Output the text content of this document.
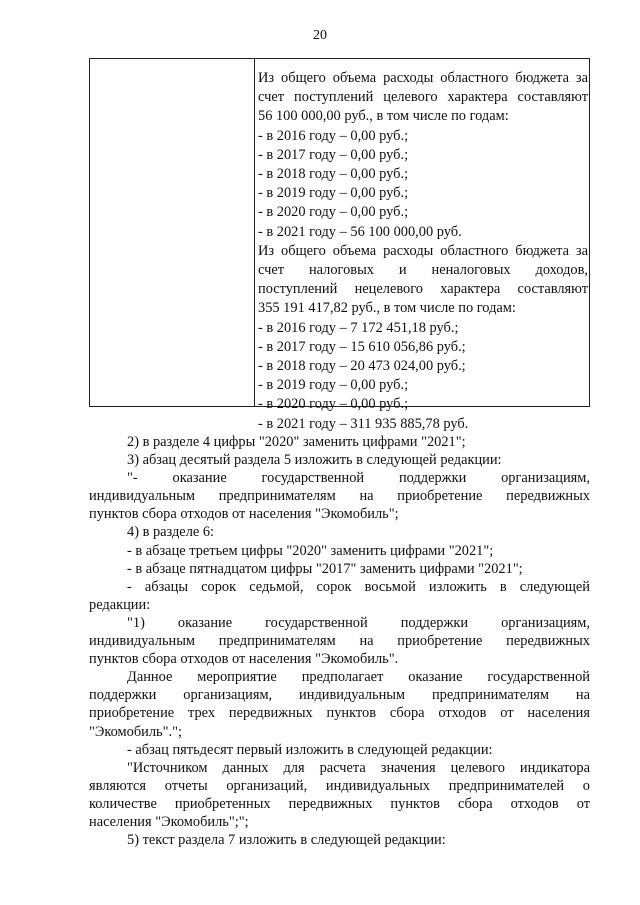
20
Из общего объема расходы областного бюджета за
счет поступлений целевого характера составляют
56 100 000,00 руб., в том числе по годам:
- в 2016 году – 0,00 руб.;
- в 2017 году – 0,00 руб.;
- в 2018 году – 0,00 руб.;
- в 2019 году – 0,00 руб.;
- в 2020 году – 0,00 руб.;
- в 2021 году – 56 100 000,00 руб.
Из общего объема расходы областного бюджета за
счет налоговых и неналоговых доходов,
поступлений нецелевого характера составляют
355 191 417,82 руб., в том числе по годам:
- в 2016 году – 7 172 451,18 руб.;
- в 2017 году – 15 610 056,86 руб.;
- в 2018 году – 20 473 024,00 руб.;
- в 2019 году – 0,00 руб.;
- в 2020 году – 0,00 руб.;
- в 2021 году – 311 935 885,78 руб.
2) в разделе 4 цифры "2020" заменить цифрами "2021";
3) абзац десятый раздела 5 изложить в следующей редакции:
"- оказание государственной поддержки организациям,
индивидуальным предпринимателям на приобретение передвижных
пунктов сбора отходов от населения "Экомобиль";
4) в разделе 6:
- в абзаце третьем цифры "2020" заменить цифрами "2021";
- в абзаце пятнадцатом цифры "2017" заменить цифрами "2021";
- абзацы сорок седьмой, сорок восьмой изложить в следующей
редакции:
"1) оказание государственной поддержки организациям,
индивидуальным предпринимателям на приобретение передвижных
пунктов сбора отходов от населения "Экомобиль".
Данное мероприятие предполагает оказание государственной
поддержки организациям, индивидуальным предпринимателям на
приобретение трех передвижных пунктов сбора отходов от населения
"Экомобиль".";
- абзац пятьдесят первый изложить в следующей редакции:
"Источником данных для расчета значения целевого индикатора
являются отчеты организаций, индивидуальных предпринимателей о
количестве приобретенных передвижных пунктов сбора отходов от
населения "Экомобиль";";
5) текст раздела 7 изложить в следующей редакции:
